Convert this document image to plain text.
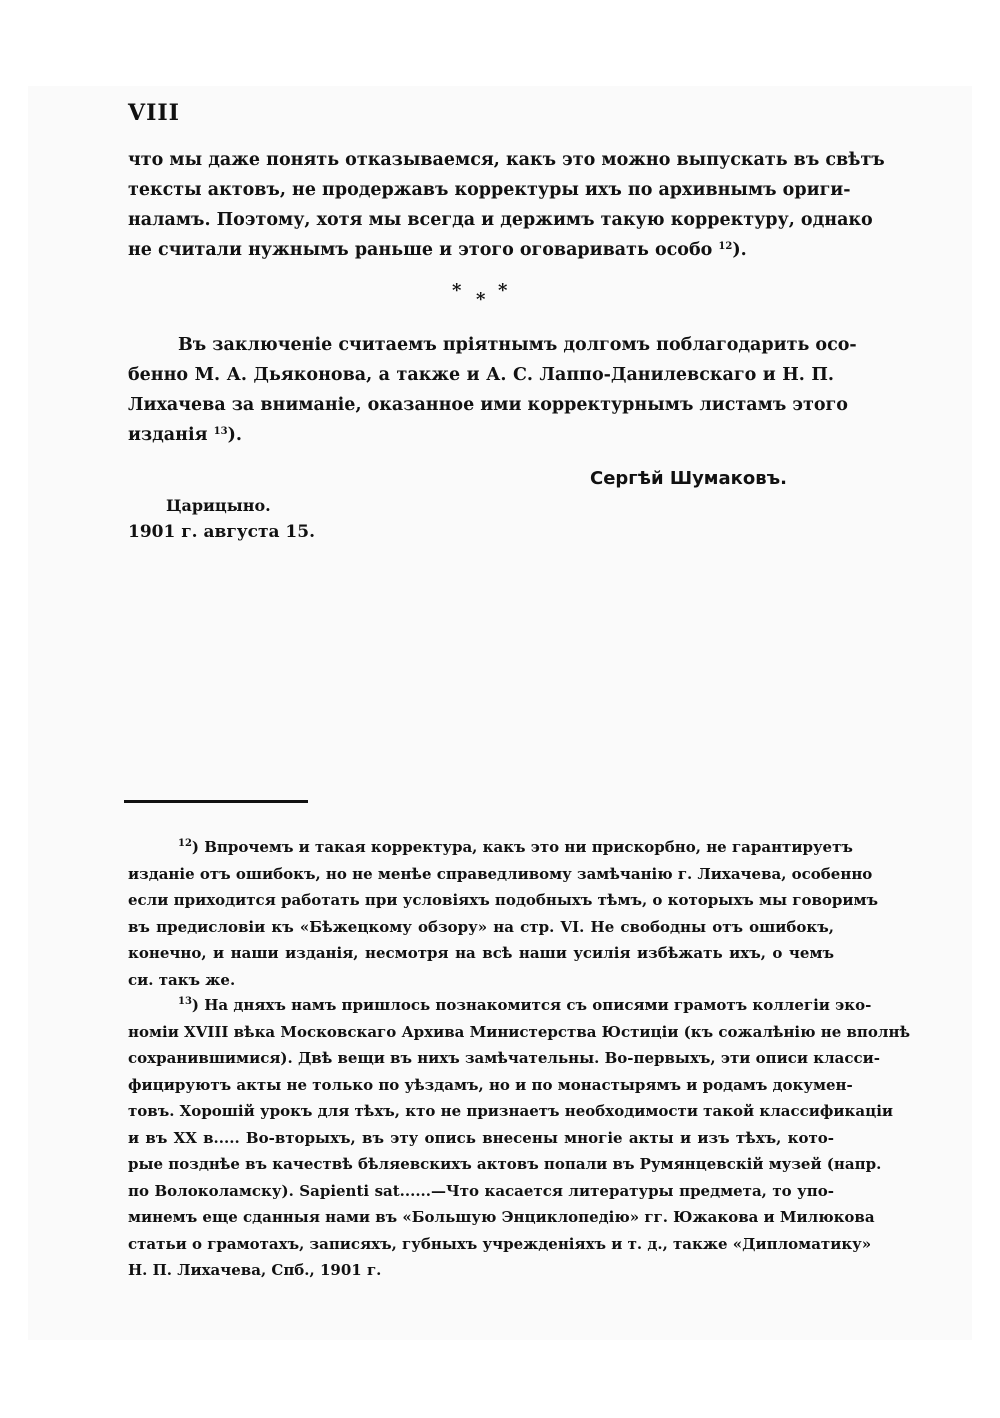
VIII

что мы даже понять отказываемся, какъ это можно выпускать въ свѣтъ
тексты актовъ, не продержавъ корректуры ихъ по архивнымъ ориги-
наламъ. Поэтому, хотя мы всегда и держимъ такую корректуру, однако
не считали нужнымъ раньше и этого оговаривать особо $^{12}$).

* * *

Въ заключеніе считаемъ пріятнымъ долгомъ поблагодарить осо-
бенно М. А. Дьяконова, а также и А. С. Лаппо-Данилевскаго и Н. П.
Лихачева за вниманіе, оказанное ими корректурнымъ листамъ этого
изданія $^{13}$).

Сергѣй Шумаковъ.
Царицыно.
1901 г. августа 15.

$^{12}$) Впрочемъ и такая корректура, какъ это ни прискорбно, не гарантируетъ
изданіе отъ ошибокъ, но не менѣе справедливому замѣчанію г. Лихачева, особенно
если приходится работать при условіяхъ подобныхъ тѣмъ, о которыхъ мы говоримъ
въ предисловіи къ «Бѣжецкому обзору» на стр. VI. Не свободны отъ ошибокъ,
конечно, и наши изданія, несмотря на всѣ наши усилія избѣжать ихъ, о чемъ
си. такъ же.

$^{13}$) На дняхъ намъ пришлось познакомится съ описями грамотъ коллегіи эко-
номіи XVIII вѣка Московскаго Архива Министерства Юстиціи (къ сожалѣнію не вполнѣ
сохранившимися). Двѣ вещи въ нихъ замѣчательны. Во-первыхъ, эти описи класси-
фицируютъ акты не только по уѣздамъ, но и по монастырямъ и родамъ докумен-
товъ. Хорошій урокъ для тѣхъ, кто не признаетъ необходимости такой классификаціи
и въ XX в..... Во-вторыхъ, въ эту опись внесены многіе акты и изъ тѣхъ, кото-
рые позднѣе въ качествѣ бѣляевскихъ актовъ попали въ Румянцевскій музей (напр.
по Волоколамску). Sapienti sat......—Что касается литературы предмета, то упо-
минемъ еще сданныя нами въ «Большую Энциклопедію» гг. Южакова и Милюкова
статьи о грамотахъ, записяхъ, губныхъ учрежденіяхъ и т. д., также «Дипломатику»
Н. П. Лихачева, Спб., 1901 г.
